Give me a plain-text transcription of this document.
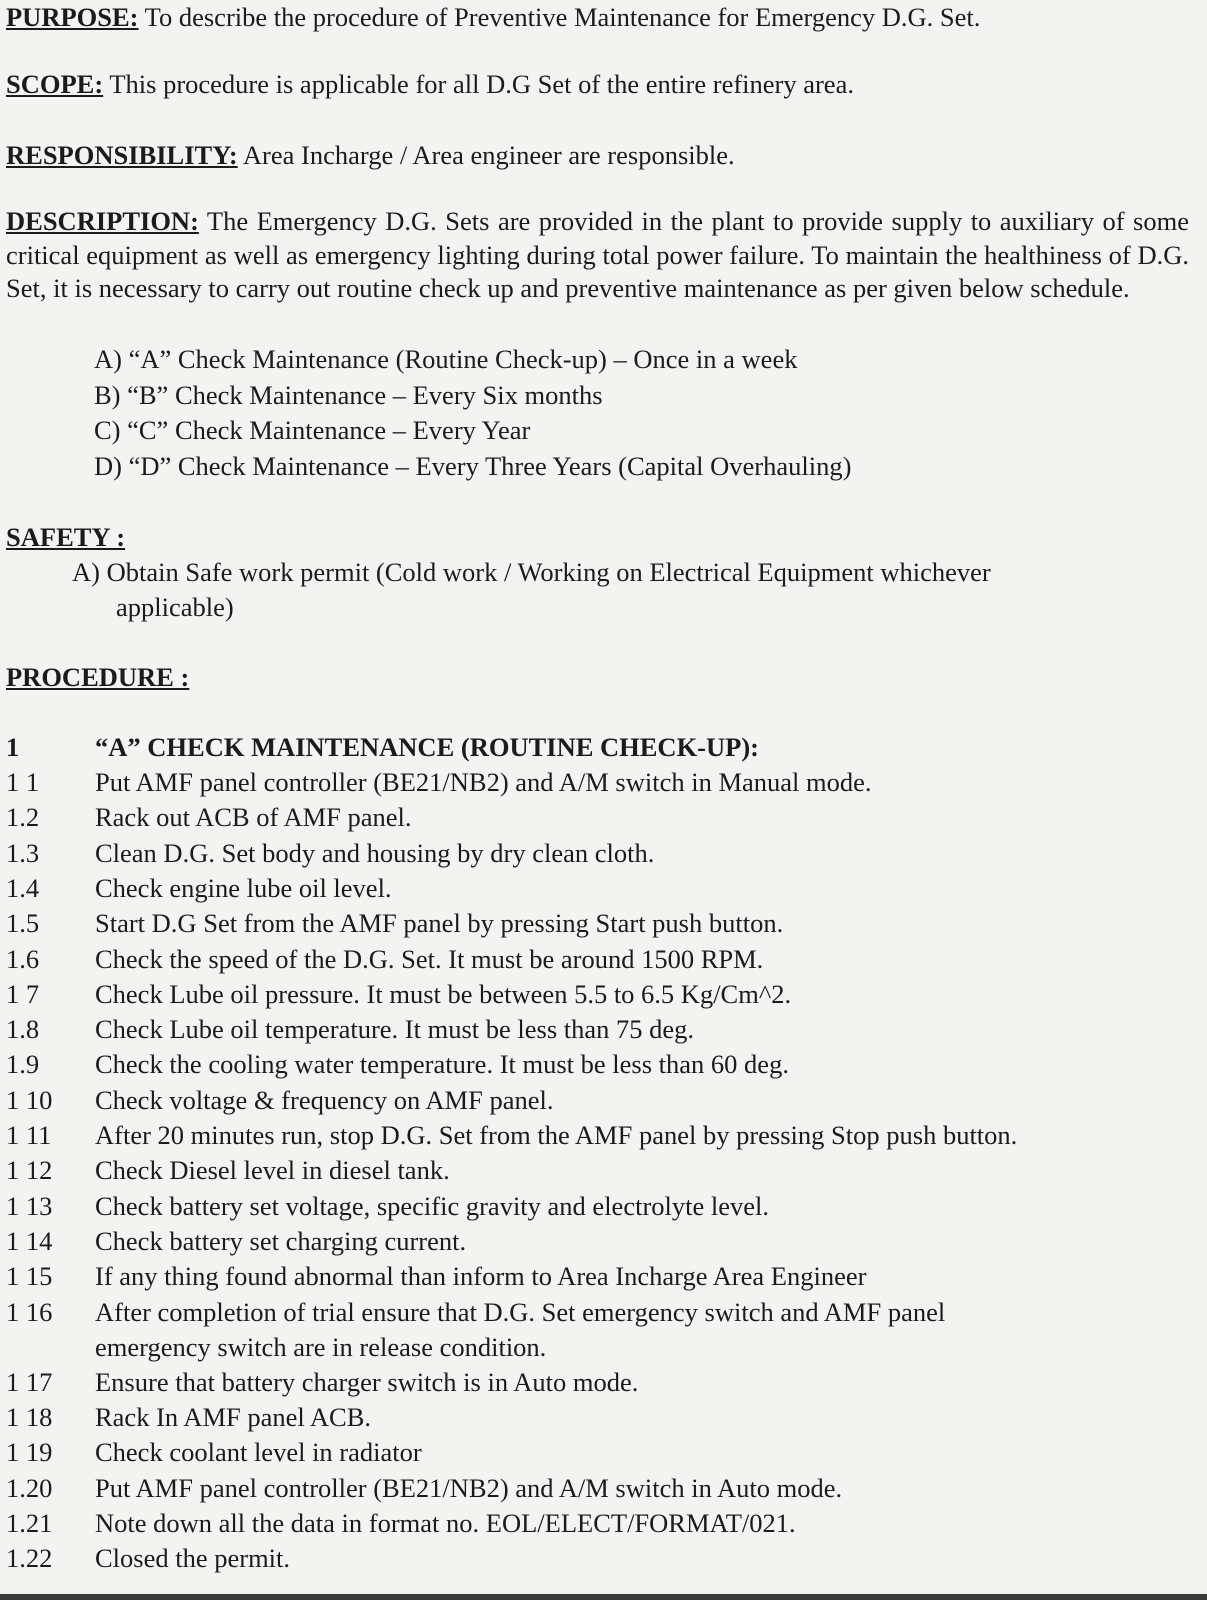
PURPOSE: To describe the procedure of Preventive Maintenance for Emergency D.G. Set.
SCOPE: This procedure is applicable for all D.G Set of the entire refinery area.
RESPONSIBILITY: Area Incharge / Area engineer are responsible.
DESCRIPTION: The Emergency D.G. Sets are provided in the plant to provide supply to auxiliary of some critical equipment as well as emergency lighting during total power failure. To maintain the healthiness of D.G. Set, it is necessary to carry out routine check up and preventive maintenance as per given below schedule.
A) “A” Check Maintenance (Routine Check-up) – Once in a week
B) “B” Check Maintenance – Every Six months
C) “C” Check Maintenance – Every Year
D) “D” Check Maintenance – Every Three Years (Capital Overhauling)
SAFETY :
A) Obtain Safe work permit (Cold work / Working on Electrical Equipment whichever
applicable)
PROCEDURE :
1	“A” CHECK MAINTENANCE (ROUTINE CHECK-UP):
1 1 Put AMF panel controller (BE21/NB2) and A/M switch in Manual mode.
1.2 Rack out ACB of AMF panel.
1.3 Clean D.G. Set body and housing by dry clean cloth.
1.4 Check engine lube oil level.
1.5 Start D.G Set from the AMF panel by pressing Start push button.
1.6 Check the speed of the D.G. Set. It must be around 1500 RPM.
1 7 Check Lube oil pressure. It must be between 5.5 to 6.5 Kg/Cm^2.
1.8 Check Lube oil temperature. It must be less than 75 deg.
1.9 Check the cooling water temperature. It must be less than 60 deg.
1 10 Check voltage & frequency on AMF panel.
1 11 After 20 minutes run, stop D.G. Set from the AMF panel by pressing Stop push button.
1 12 Check Diesel level in diesel tank.
1 13 Check battery set voltage, specific gravity and electrolyte level.
1 14 Check battery set charging current.
1 15 If any thing found abnormal than inform to Area Incharge Area Engineer
1 16 After completion of trial ensure that D.G. Set emergency switch and AMF panel
emergency switch are in release condition.
1 17 Ensure that battery charger switch is in Auto mode.
1 18 Rack In AMF panel ACB.
1 19 Check coolant level in radiator
1.20 Put AMF panel controller (BE21/NB2) and A/M switch in Auto mode.
1.21 Note down all the data in format no. EOL/ELECT/FORMAT/021.
1.22 Closed the permit.
